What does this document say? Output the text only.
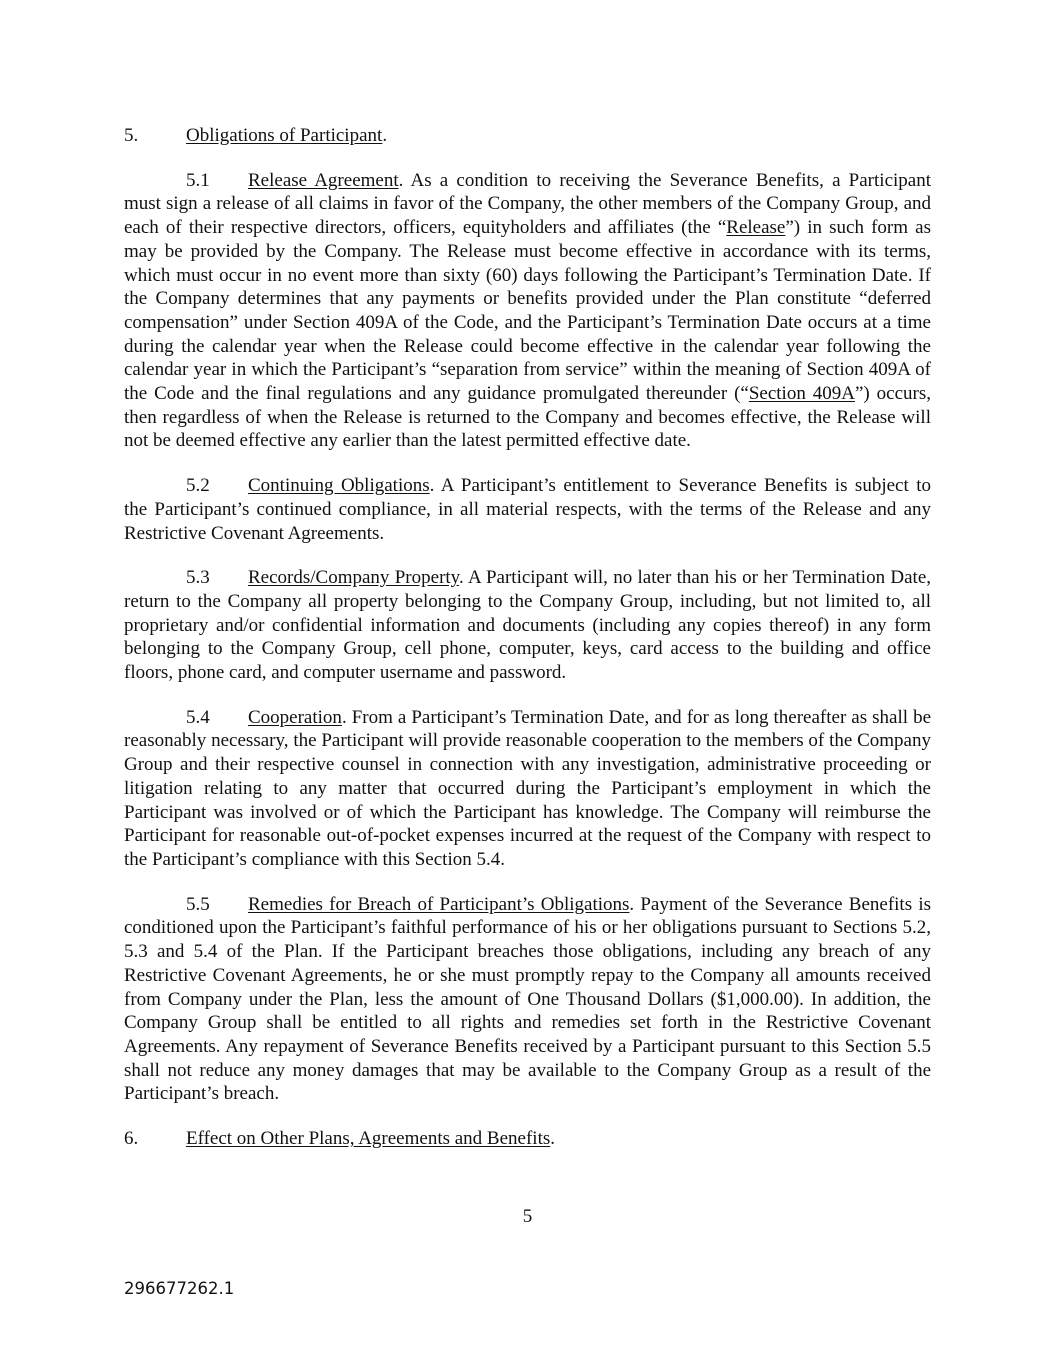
5.	Obligations of Participant.

5.1 Release Agreement. As a condition to receiving the Severance Benefits, a Participant must sign a release of all claims in favor of the Company, the other members of the Company Group, and each of their respective directors, officers, equityholders and affiliates (the “Release”) in such form as may be provided by the Company. The Release must become effective in accordance with its terms, which must occur in no event more than sixty (60) days following the Participant’s Termination Date. If the Company determines that any payments or benefits provided under the Plan constitute “deferred compensation” under Section 409A of the Code, and the Participant’s Termination Date occurs at a time during the calendar year when the Release could become effective in the calendar year following the calendar year in which the Participant’s “separation from service” within the meaning of Section 409A of the Code and the final regulations and any guidance promulgated thereunder (“Section 409A”) occurs, then regardless of when the Release is returned to the Company and becomes effective, the Release will not be deemed effective any earlier than the latest permitted effective date.

5.2 Continuing Obligations. A Participant’s entitlement to Severance Benefits is subject to the Participant’s continued compliance, in all material respects, with the terms of the Release and any Restrictive Covenant Agreements.

5.3 Records/Company Property. A Participant will, no later than his or her Termination Date, return to the Company all property belonging to the Company Group, including, but not limited to, all proprietary and/or confidential information and documents (including any copies thereof) in any form belonging to the Company Group, cell phone, computer, keys, card access to the building and office floors, phone card, and computer username and password.

5.4 Cooperation. From a Participant’s Termination Date, and for as long thereafter as shall be reasonably necessary, the Participant will provide reasonable cooperation to the members of the Company Group and their respective counsel in connection with any investigation, administrative proceeding or litigation relating to any matter that occurred during the Participant’s employment in which the Participant was involved or of which the Participant has knowledge. The Company will reimburse the Participant for reasonable out-of-pocket expenses incurred at the request of the Company with respect to the Participant’s compliance with this Section 5.4.

5.5 Remedies for Breach of Participant’s Obligations. Payment of the Severance Benefits is conditioned upon the Participant’s faithful performance of his or her obligations pursuant to Sections 5.2, 5.3 and 5.4 of the Plan. If the Participant breaches those obligations, including any breach of any Restrictive Covenant Agreements, he or she must promptly repay to the Company all amounts received from Company under the Plan, less the amount of One Thousand Dollars ($1,000.00). In addition, the Company Group shall be entitled to all rights and remedies set forth in the Restrictive Covenant Agreements. Any repayment of Severance Benefits received by a Participant pursuant to this Section 5.5 shall not reduce any money damages that may be available to the Company Group as a result of the Participant’s breach.

6.	Effect on Other Plans, Agreements and Benefits.
5
296677262.1
